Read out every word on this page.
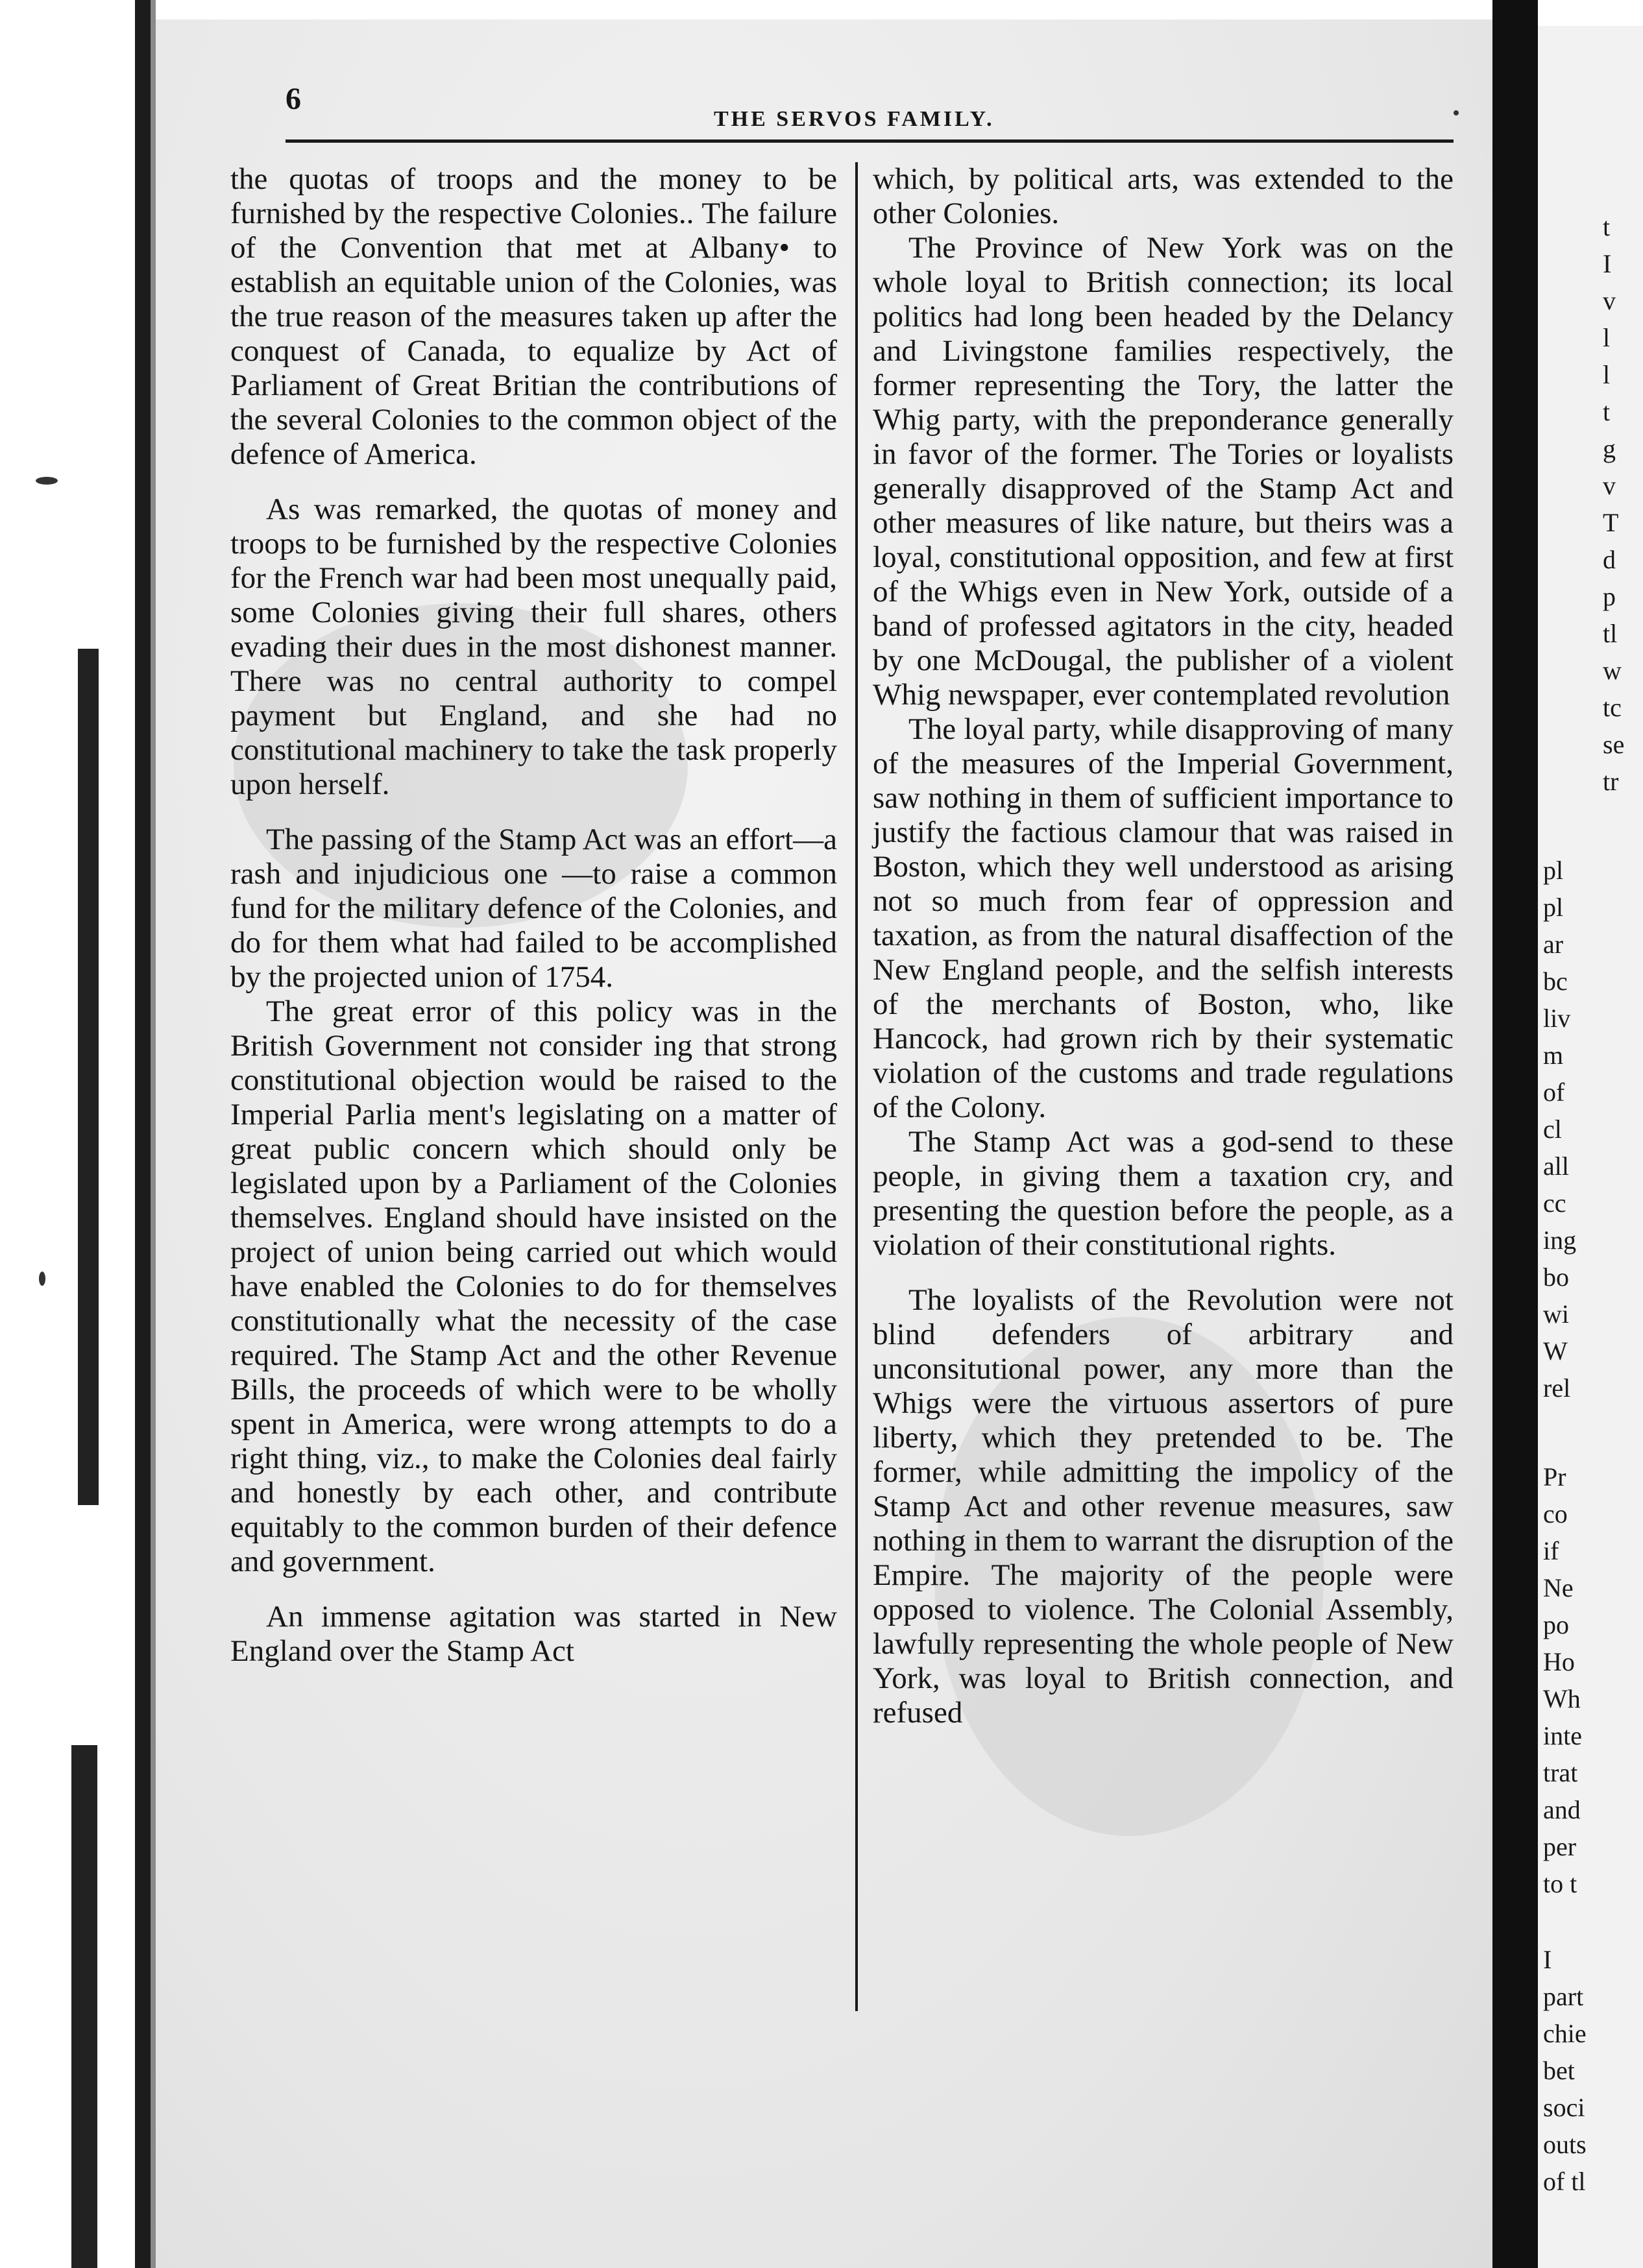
t
I
v
l
l
t
g
v
T
d
p
tl
w
tc
se
tr
pl
pl
ar
bc
liv
m
of
cl
all
cc
ing
bo
wi
W
rel
Pr
co
if
Ne
po
Ho
Wh
inte
trat
and
per
to t
I
part
chie
bet
soci
outs
of tl
6
THE SERVOS FAMILY.

the quotas of troops and the money to be furnished by the respective Colonies.. The failure of the Convention that met at Albany• to establish an equitable union of the Colonies, was the true reason of the measures taken up after the conquest of Canada, to equalize by Act of Parliament of Great Britian the contributions of the several Colonies to the common object of the defence of America.

As was remarked, the quotas of money and troops to be furnished by the respective Colonies for the French war had been most unequally paid, some Colonies giving their full shares, others evading their dues in the most dishonest manner. There was no central authority to compel payment but England, and she had no constitutional machinery to take the task properly upon herself.

The passing of the Stamp Act was an effort—a rash and injudicious one —to raise a common fund for the military defence of the Colonies, and do for them what had failed to be accomplished by the projected union of 1754.

The great error of this policy was in the British Government not consider ing that strong constitutional objection would be raised to the Imperial Parlia ment's legislating on a matter of great public concern which should only be legislated upon by a Parliament of the Colonies themselves. England should have insisted on the project of union being carried out which would have enabled the Colonies to do for themselves constitutionally what the necessity of the case required. The Stamp Act and the other Revenue Bills, the proceeds of which were to be wholly spent in America, were wrong attempts to do a right thing, viz., to make the Colonies deal fairly and honestly by each other, and contribute equitably to the common burden of their defence and government.

An immense agitation was started in New England over the Stamp Act

which, by political arts, was extended to the other Colonies.

The Province of New York was on the whole loyal to British connection; its local politics had long been headed by the Delancy and Livingstone families respectively, the former representing the Tory, the latter the Whig party, with the preponderance generally in favor of the former. The Tories or loyalists generally disapproved of the Stamp Act and other measures of like nature, but theirs was a loyal, constitutional opposition, and few at first of the Whigs even in New York, outside of a band of professed agitators in the city, headed by one McDougal, the publisher of a violent Whig newspaper, ever contemplated revolution

The loyal party, while disapproving of many of the measures of the Imperial Government, saw nothing in them of sufficient importance to justify the factious clamour that was raised in Boston, which they well understood as arising not so much from fear of oppression and taxation, as from the natural disaffection of the New England people, and the selfish interests of the merchants of Boston, who, like Hancock, had grown rich by their systematic violation of the customs and trade regulations of the Colony.

The Stamp Act was a god-send to these people, in giving them a taxation cry, and presenting the question before the people, as a violation of their constitutional rights.

The loyalists of the Revolution were not blind defenders of arbitrary and unconsitutional power, any more than the Whigs were the virtuous assertors of pure liberty, which they pretended to be. The former, while admitting the impolicy of the Stamp Act and other revenue measures, saw nothing in them to warrant the disruption of the Empire. The majority of the people were opposed to violence. The Colonial Assembly, lawfully representing the whole people of New York, was loyal to British connection, and refused
